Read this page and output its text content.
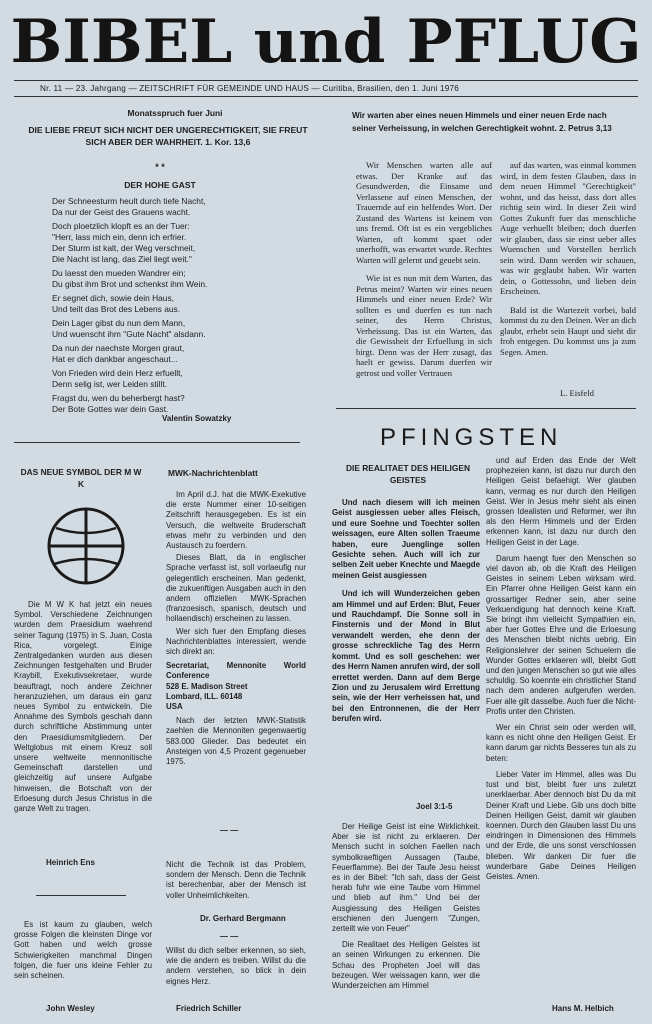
BIBEL und PFLUG
Nr. 11 — 23. Jahrgang — ZEITSCHRIFT FÜR GEMEINDE UND HAUS — Curitiba, Brasilien, den 1. Juni 1976
Monatsspruch fuer Juni
DIE LIEBE FREUT SICH NICHT DER UNGERECHTIGKEIT, SIE FREUT SICH ABER DER WAHRHEIT. 1. Kor. 13,6
* *
DER HOHE GAST
Der Schneesturm heult durch tiefe Nacht,
Da nur der Geist des Grauens wacht.
Doch ploetzlich klopft es an der Tuer:
"Herr, lass mich ein, denn ich erfrier.
Der Sturm ist kalt, der Weg verschneit,
Die Nacht ist lang, das Ziel liegt weit."
Du laesst den mueden Wandrer ein;
Du gibst ihm Brot und schenkst ihm Wein.
Er segnet dich, sowie dein Haus,
Und teilt das Brot des Lebens aus.
Dein Lager gibst du nun dem Mann,
Und wuenscht ihm "Gute Nacht" alsdann.
Da nun der naechste Morgen graut,
Hat er dich dankbar angeschaut...
Von Frieden wird dein Herz erfuellt,
Denn selig ist, wer Leiden stillt.
Fragst du, wen du beherbergt hast?
Der Bote Gottes war dein Gast.
Valentin Sowatzky
Wir warten aber eines neuen Himmels und einer neuen Erde nach seiner Verheissung, in welchen Gerechtigkeit wohnt. 2. Petrus 3,13

Wir Menschen warten alle auf etwas. Der Kranke auf das Gesundwerden, die Einsame und Verlassene auf einen Menschen, der Trauernde auf ein helfendes Wort. Der Zustand des Wartens ist keinem von uns fremd. Oft ist es ein vergebliches Warten, oft kommt spaet oder unerhofft, was erwartet wurde. Rechtes Warten will gelernt und geuebt sein.

Wie ist es nun mit dem Warten, das Petrus meint? Warten wir eines neuen Himmels und einer neuen Erde? Wir sollten es und duerfen es tun nach seiner, des Herrn Christus, Verheissung. Das ist ein Warten, das die Gewissheit der Erfuellung in sich birgt. Denn was der Herr zusagt, das haelt er gewiss. Darum duerfen wir getrost und voller Vertrauen

auf das warten, was einmal kommen wird, in dem festen Glauben, dass in dem neuen Himmel "Gerechtigkeit" wohnt, und das heisst, dass dort alles richtig sein wird. In dieser Zeit wird Gottes Zukunft fuer das menschliche Auge verhuellt bleiben; doch duerfen wir glauben, dass sie einst ueber alles Wuenschen und Vorstellen herrlich sein wird. Dann werden wir schauen, was wir geglaubt haben. Wir warten dein, o Gottessohn, und lieben dein Erscheinen.

Bald ist die Wartezeit vorbei, bald kommst du zu den Deinen. Wer an dich glaubt, erhebt sein Haupt und sieht dir froh entgegen. Du kommst uns ja zum Segen. Amen.

L. Eisfeld
DAS NEUE SYMBOL DER M W K
Die M W K hat jetzt ein neues Symbol. Verschiedene Zeichnungen wurden dem Praesidium waehrend seiner Tagung (1975) in S. Juan, Costa Rica, vorgelegt. Einige Zentralgedanken wurden aus diesen Zeichnungen festgehalten und Bruder Kraybill, Exekutivsekretaer, wurde beauftragt, noch andere Zeichner heranzuziehen, um daraus ein ganz neues Symbol zu entwickeln. Die Annahme des Symbols geschah dann durch schriftliche Abstimmung unter den Praesidiumsmitgliedern. Der Weltglobus mit einem Kreuz soll unsere weltweite mennonitische Gemeinschaft darstellen und gleichzeitig auf unsere Aufgabe hinweisen, die Botschaft von der Erloesung durch Jesus Christus in die ganze Welt zu tragen.
Heinrich Ens
Es ist kaum zu glauben, welch grosse Folgen die kleinsten Dinge vor Gott haben und welch grosse Schwierigkeiten manchmal Dingen folgen, die fuer uns kleine Fehler zu sein scheinen.
John Wesley
MWK-Nachrichtenblatt

Im April d.J. hat die MWK-Exekutive die erste Nummer einer 10-seitigen Zeitschrift herausgegeben. Es ist ein Versuch, die weltweite Bruderschaft etwas mehr zu verbinden und den Austausch zu foerdern.

Dieses Blatt, da in englischer Sprache verfasst ist, soll vorlaeufig nur gelegentlich erscheinen. Man gedenkt, die zukuenftigen Ausgaben auch in den andern offiziellen MWK-Sprachen (franzoesisch, spanisch, deutsch und hollaendisch) erscheinen zu lassen.

Wer sich fuer den Empfang dieses Nachrichtenblattes interessiert, wende sich direkt an:

Secretariat, Mennonite World Conference
528 E. Madison Street
Lombard, ILL. 60148
USA

Nach der letzten MWK-Statistik zaehlen die Mennoniten gegenwaertig 583.000 Glieder. Das bedeutet ein Ansteigen von 4,5 Prozent gegenueber 1975.

— —
Nicht die Technik ist das Problem, sondern der Mensch. Denn die Technik ist berechenbar, aber der Mensch ist voller Unheimlichkeiten.
Dr. Gerhard Bergmann
— —
Willst du dich selber erkennen, so sieh, wie die andern es treiben. Willst du die andern verstehen, so blick in dein eignes Herz.
Friedrich Schiller
PFINGSTEN
DIE REALITAET DES HEILIGEN GEISTES

Und nach diesem will ich meinen Geist ausgiessen ueber alles Fleisch, und eure Soehne und Toechter sollen weissagen, eure Alten sollen Traeume haben, eure Juenglinge sollen Gesichte sehen. Auch will ich zur selben Zeit ueber Knechte und Maegde meinen Geist ausgiessen

Und ich will Wunderzeichen geben am Himmel und auf Erden: Blut, Feuer und Rauchdampf. Die Sonne soll in Finsternis und der Mond in Blut verwandelt werden, ehe denn der grosse schreckliche Tag des Herrn kommt. Und es soll geschehen: wer des Herrn Namen anrufen wird, der soll errettet werden. Dann auf dem Berge Zion und zu Jerusalem wird Errettung sein, wie der Herr verheissen hat, und bei den Entronnenen, die der Herr berufen wird.

Joel 3:1-5

Der Heilige Geist ist eine Wirklichkeit. Aber sie ist nicht zu erklaeren. Der Mensch sucht in solchen Faellen nach symbolkraeftigen Aussagen (Taube, Feuerflamme). Bei der Taufe Jesu heisst es in der Bibel: "Ich sah, dass der Geist herab fuhr wie eine Taube vom Himmel und blieb auf ihm." Und bei der Ausgiessung des Heiligen Geistes erschienen den Juengern "Zungen, zerteilt wie von Feuer"

Die Realitaet des Heiligen Geistes ist an seinen Wirkungen zu erkennen. Die Schau des Propheten Joel will das bezeugen. Wer weissagen kann, wer die Wunderzeichen am Himmel

und auf Erden das Ende der Welt prophezeien kann, ist dazu nur durch den Heiligen Geist befaehigt. Wer glauben kann, vermag es nur durch den Heiligen Geist. Wer in Jesus mehr sieht als einen grossen Idealisten und Reformer, wer ihn als den Herrn Himmels und der Erden erkennen kann, ist dazu nur durch den Heiligen Geist in der Lage.

Darum haengt fuer den Menschen so viel davon ab, ob die Kraft des Heiligen Geistes in seinem Leben wirksam wird. Ein Pfarrer ohne Heiligen Geist kann ein grossartiger Redner sein, aber seine Verkuendigung hat dennoch keine Kraft. Sie bringt ihm vielleicht Sympathien ein, aber fuer Gottes Ehre und die Erloesung des Menschen bleibt nichts uebrig. Ein Religionslehrer der seinen Schuelern die Wunder Gottes erklaeren will, bleibt Gott und den jungen Menschen so gut wie alles schuldig. So koennte ein christlicher Stand nach dem anderen aufgerufen werden. Fuer alle gilt dasselbe. Auch fuer die Nicht-Profis unter den Christen.

Wer ein Christ sein oder werden will, kann es nicht ohne den Heiligen Geist. Er kann darum gar nichts Besseres tun als zu beten:

Lieber Vater im Himmel, alles was Du tust und bist, bleibt fuer uns zuletzt unerklaerbar. Aber dennoch bist Du da mit Deiner Kraft und Liebe. Gib uns doch bitte Deinen Heiligen Geist, damit wir glauben koennen. Durch den Glauben lasst Du uns eindringen in Dimensionen des Himmels und der Erde, die uns sonst verschlossen blieben. Wir danken Dir fuer die wunderbare Gabe Deines Heiligen Geistes. Amen.

Hans M. Helbich
